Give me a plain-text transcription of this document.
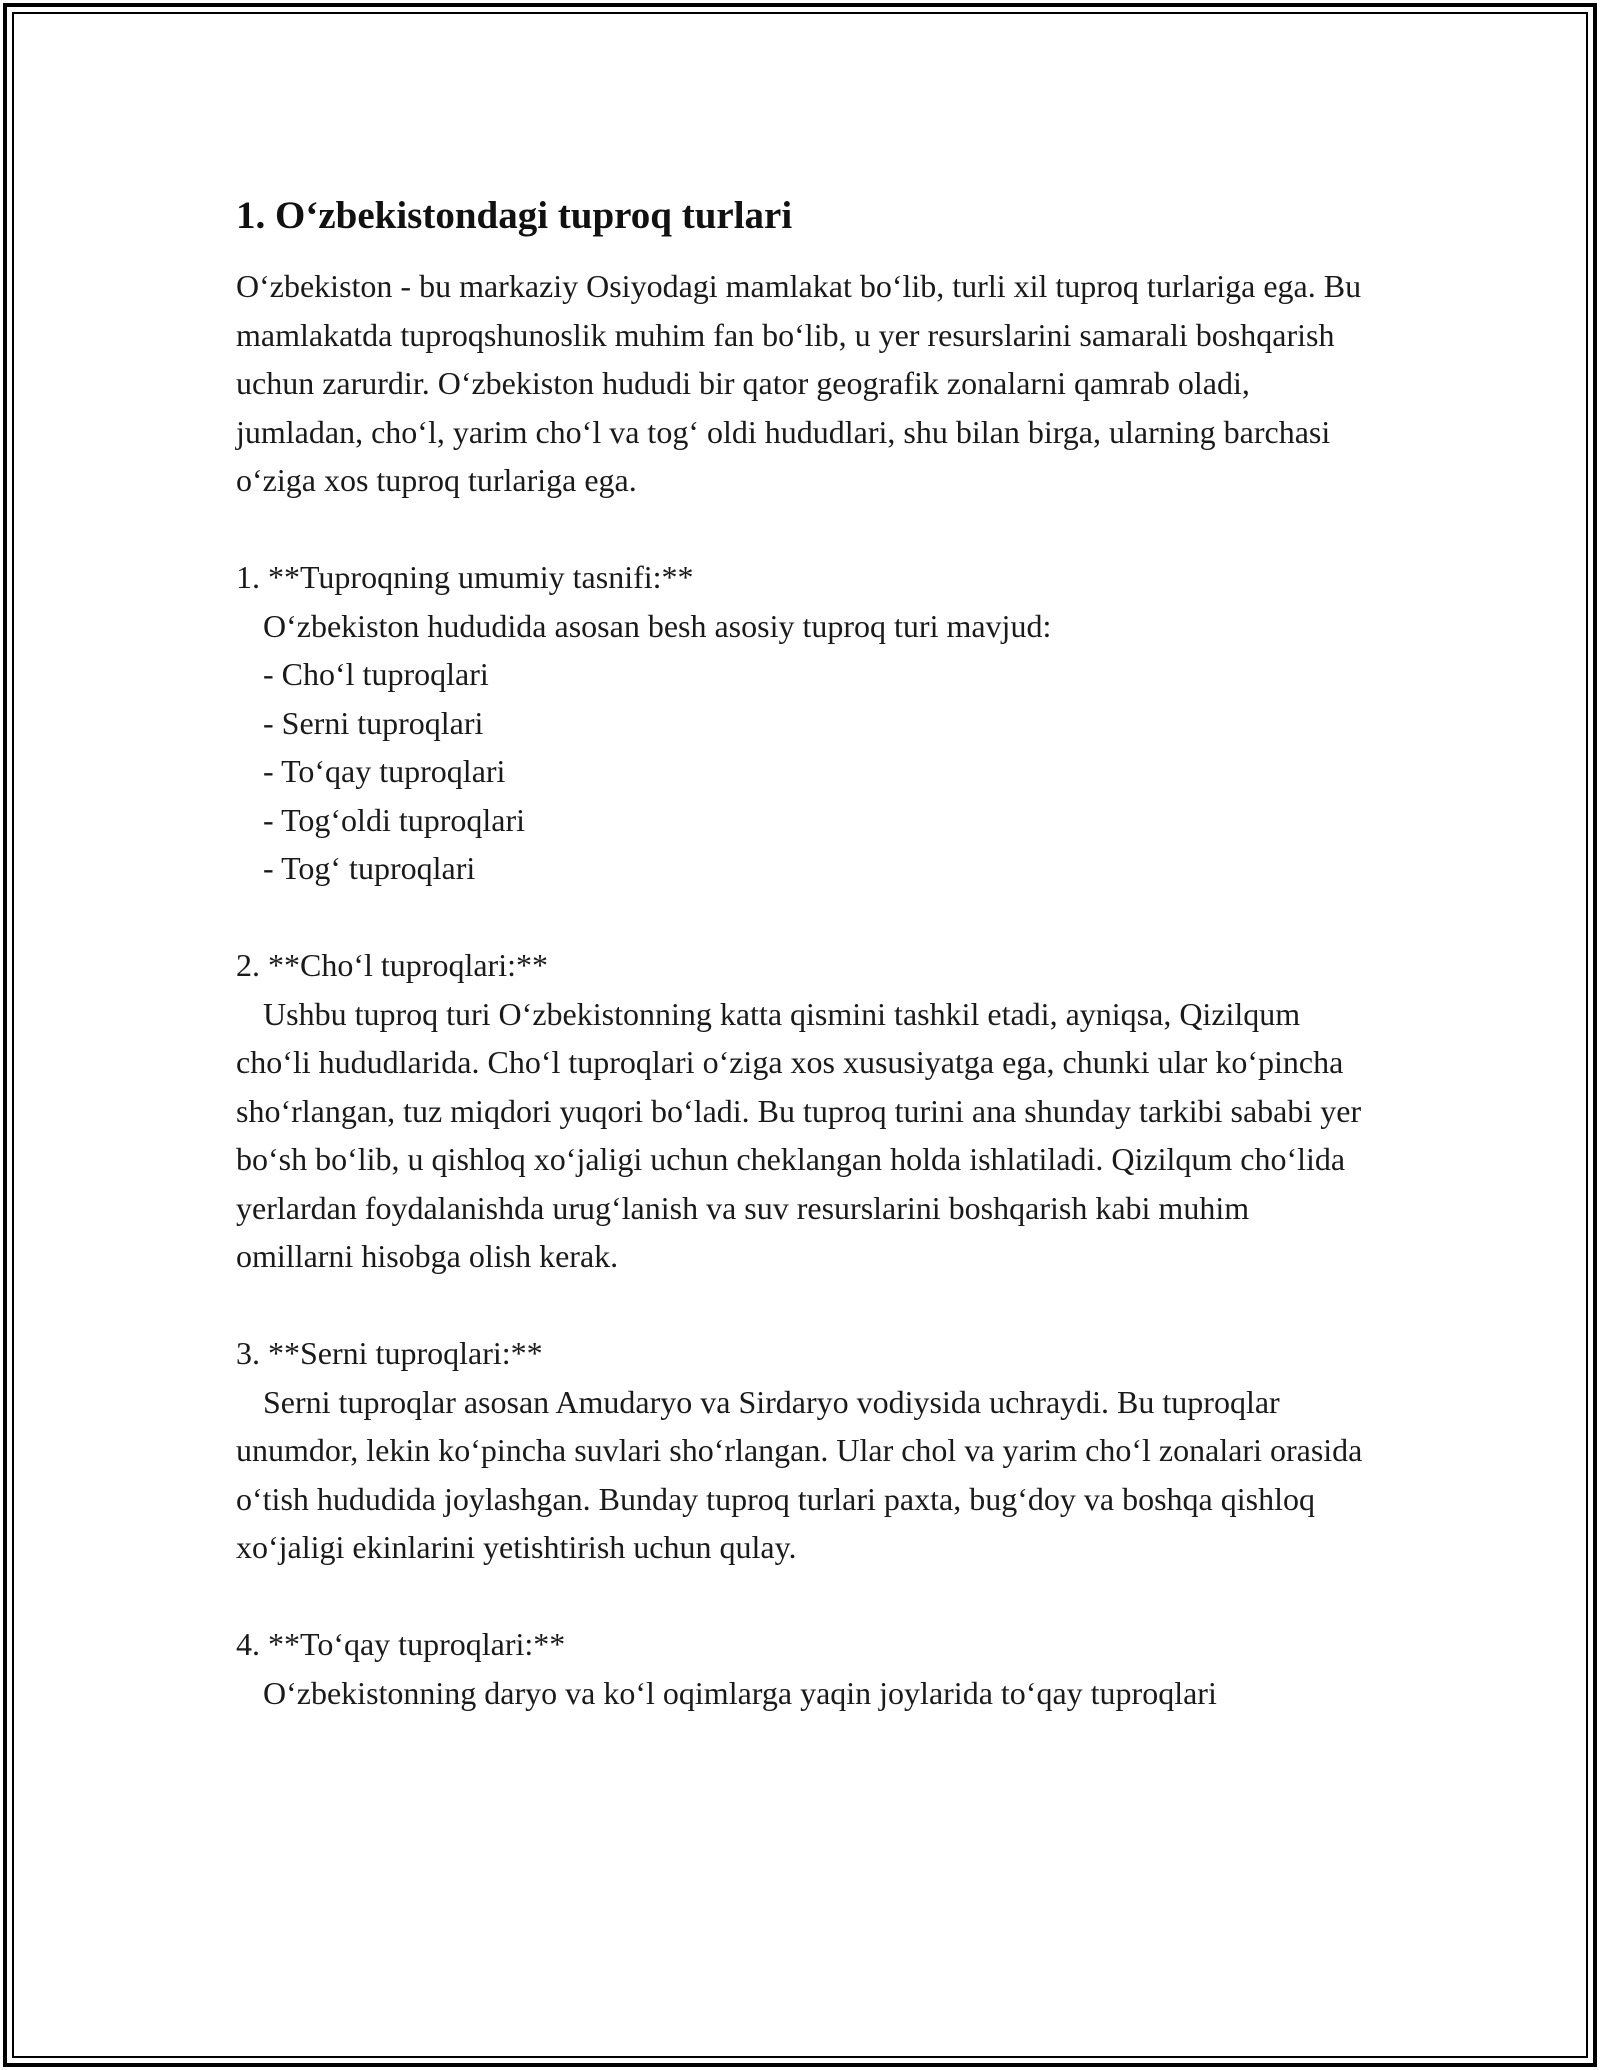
1. O‘zbekistondagi tuproq turlari

O‘zbekiston - bu markaziy Osiyodagi mamlakat bo‘lib, turli xil tuproq turlariga ega. Bu mamlakatda tuproqshunoslik muhim fan bo‘lib, u yer resurslarini samarali boshqarish uchun zarurdir. O‘zbekiston hududi bir qator geografik zonalarni qamrab oladi, jumladan, cho‘l, yarim cho‘l va tog‘ oldi hududlari, shu bilan birga, ularning barchasi o‘ziga xos tuproq turlariga ega.

1. **Tuproqning umumiy tasnifi:**

O‘zbekiston hududida asosan besh asosiy tuproq turi mavjud:

- Cho‘l tuproqlari

- Serni tuproqlari

- To‘qay tuproqlari

- Tog‘oldi tuproqlari

- Tog‘ tuproqlari

2. **Cho‘l tuproqlari:**

Ushbu tuproq turi O‘zbekistonning katta qismini tashkil etadi, ayniqsa, Qizilqum cho‘li hududlarida. Cho‘l tuproqlari o‘ziga xos xususiyatga ega, chunki ular ko‘pincha sho‘rlangan, tuz miqdori yuqori bo‘ladi. Bu tuproq turini ana shunday tarkibi sababi yer bo‘sh bo‘lib, u qishloq xo‘jaligi uchun cheklangan holda ishlatiladi. Qizilqum cho‘lida yerlardan foydalanishda urug‘lanish va suv resurslarini boshqarish kabi muhim omillarni hisobga olish kerak.

3. **Serni tuproqlari:**

Serni tuproqlar asosan Amudaryo va Sirdaryo vodiysida uchraydi. Bu tuproqlar unumdor, lekin ko‘pincha suvlari sho‘rlangan. Ular chol va yarim cho‘l zonalari orasida o‘tish hududida joylashgan. Bunday tuproq turlari paxta, bug‘doy va boshqa qishloq xo‘jaligi ekinlarini yetishtirish uchun qulay.

4. **To‘qay tuproqlari:**

O‘zbekistonning daryo va ko‘l oqimlarga yaqin joylarida to‘qay tuproqlari
